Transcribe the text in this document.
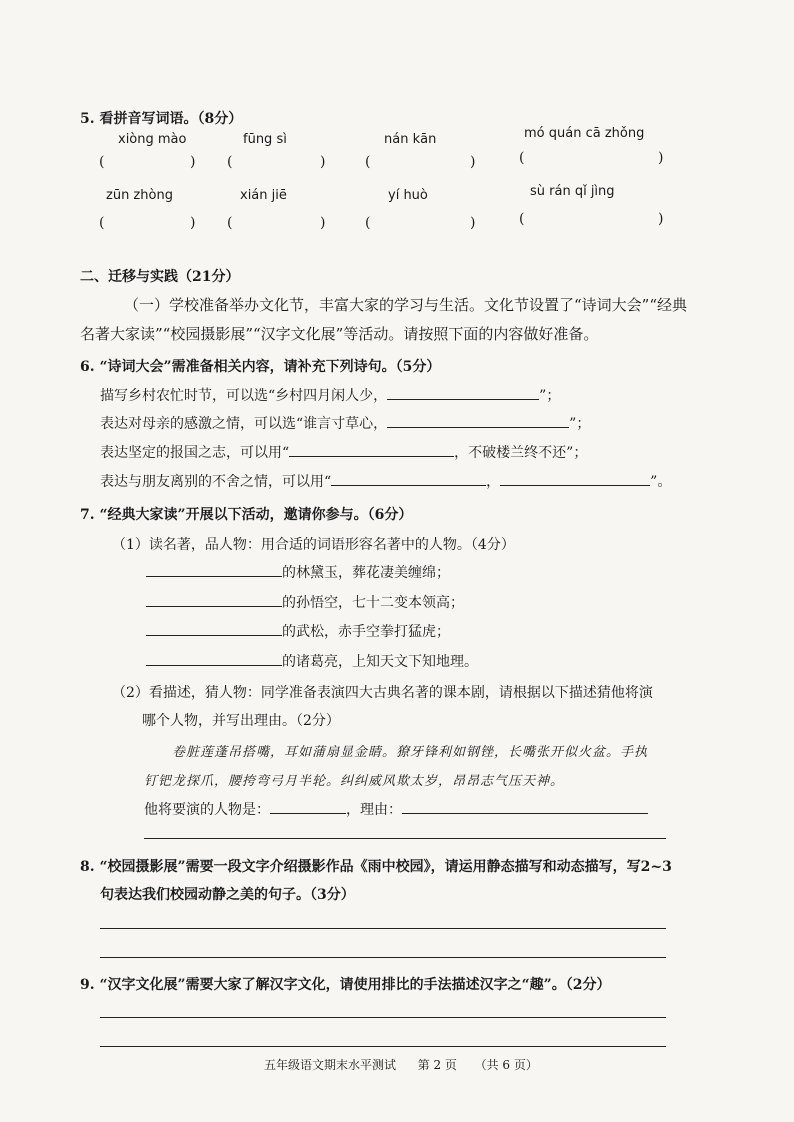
5. 看拼音写词语。（8分）
xiòng mào	fūng sì	nán kān	mó quán cā zhǒng
(	) (	)	(	)	(	)
zūn zhòng	xián jiē	yí huò	sù rán qǐ jìng
(	) (	)	(	)	(	)
二、迁移与实践（21分）
（一）学校准备举办文化节，丰富大家的学习与生活。文化节设置了“诗词大会”“经典
名著大家读”“校园摄影展”“汉字文化展”等活动。请按照下面的内容做好准备。
6. “诗词大会”需准备相关内容，请补充下列诗句。（5分）
描写乡村农忙时节，可以选“乡村四月闲人少，	”；
表达对母亲的感激之情，可以选“谁言寸草心，	”；
表达坚定的报国之志，可以用“	，不破楼兰终不还”；
表达与朋友离别的不舍之情，可以用“	，	”。
7. “经典大家读”开展以下活动，邀请你参与。（6分）
（1）读名著，品人物：用合适的词语形容名著中的人物。（4分）
的林黛玉，葬花凄美缠绵；
的孙悟空，七十二变本领高；
的武松，赤手空拳打猛虎；
的诸葛亮，上知天文下知地理。
（2）看描述，猜人物：同学准备表演四大古典名著的课本剧，请根据以下描述猜他将演
哪个人物，并写出理由。（2分）
卷脏莲蓬吊搭嘴，耳如蒲扇显金睛。獠牙锋利如钢锉，长嘴张开似火盆。手执
钉钯龙探爪，腰挎弯弓月半轮。纠纠威风欺太岁，昂昂志气压天神。
他将要演的人物是：	，理由：
8. “校园摄影展”需要一段文字介绍摄影作品《雨中校园》，请运用静态描写和动态描写，写2~3
句表达我们校园动静之美的句子。（3分）
9. “汉字文化展”需要大家了解汉字文化，请使用排比的手法描述汉字之“趣”。（2分）
五年级语文期末水平测试 第 2 页 （共 6 页）
